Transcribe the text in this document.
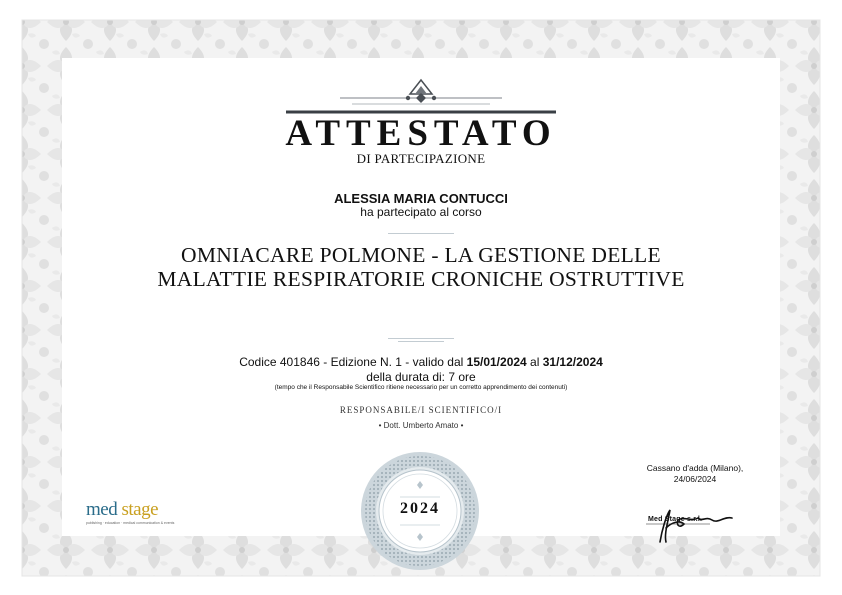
ATTESTATO
DI PARTECIPAZIONE
ALESSIA MARIA CONTUCCI
ha partecipato al corso
OMNIACARE POLMONE - LA GESTIONE DELLE
MALATTIE RESPIRATORIE CRONICHE OSTRUTTIVE
Codice 401846 - Edizione N. 1 - valido dal 15/01/2024 al 31/12/2024
della durata di: 7 ore
(tempo che il Responsabile Scientifico ritiene necessario per un corretto apprendimento dei contenuti)
RESPONSABILE/I SCIENTIFICO/I
• Dott. Umberto Amato •
Cassano d'adda (Milano),
24/06/2024
med stage
publishing · education · medical communication & events
2024
Med Stage s.r.l.
